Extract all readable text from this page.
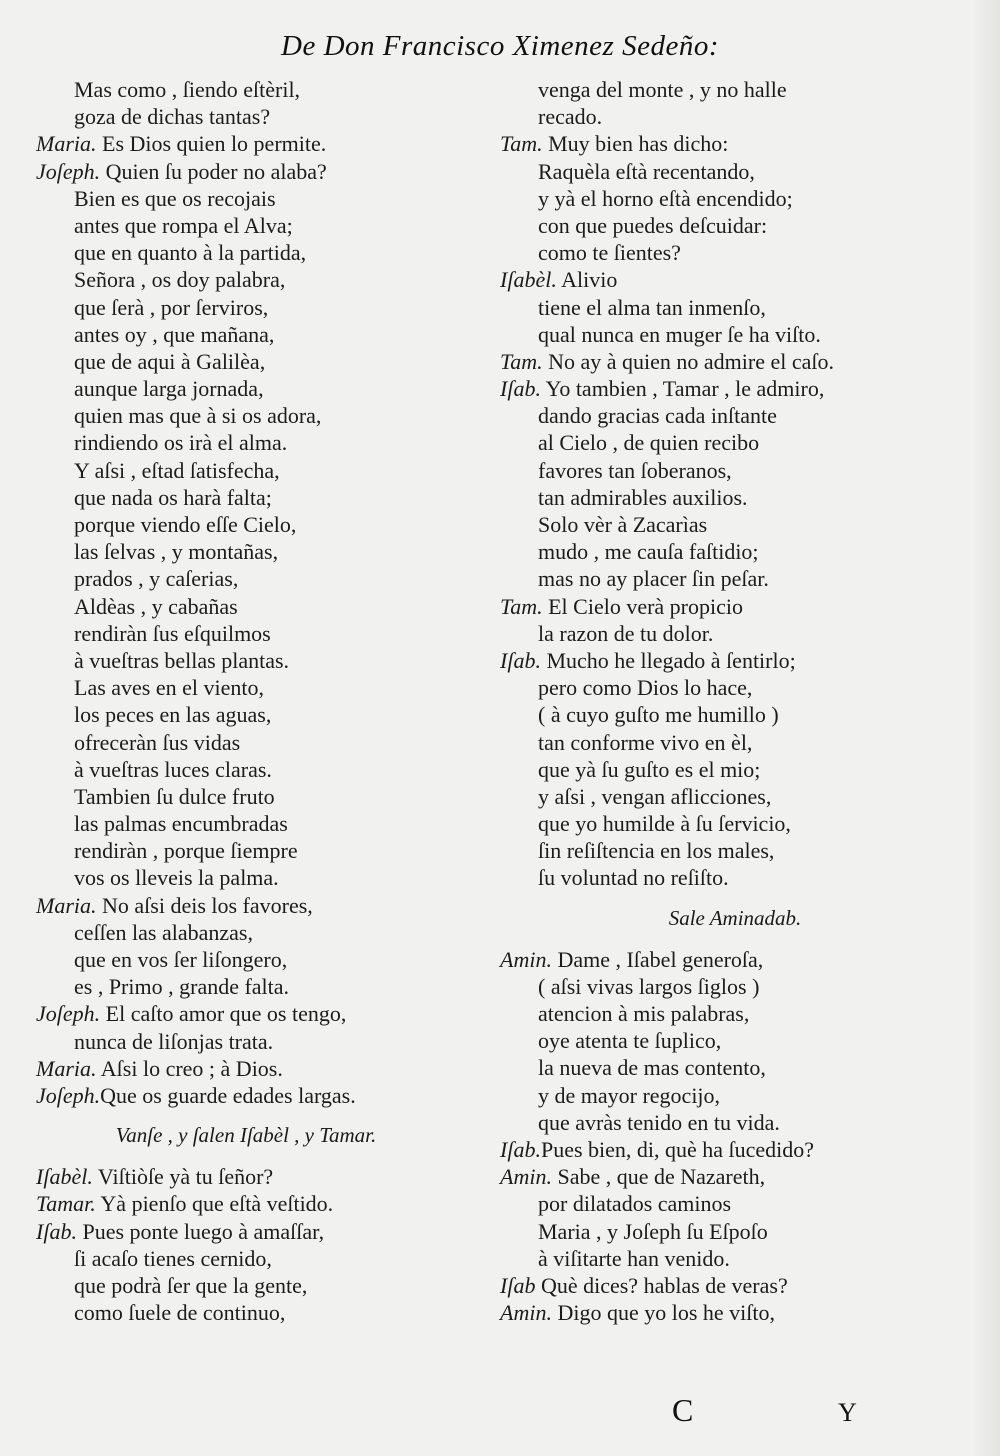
De Don Francisco Ximenez Sedeño:
Mas como , ſiendo eſtèril,
goza de dichas tantas?
Maria. Es Dios quien lo permite.
Joſeph. Quien ſu poder no alaba?
Bien es que os recojais
antes que rompa el Alva;
que en quanto à la partida,
Señora , os doy palabra,
que ſerà , por ſerviros,
antes oy , que mañana,
que de aqui à Galilèa,
aunque larga jornada,
quien mas que à si os adora,
rindiendo os irà el alma.
Y aſsi , eſtad ſatisfecha,
que nada os harà falta;
porque viendo eſſe Cielo,
las ſelvas , y montañas,
prados , y caſerias,
Aldèas , y cabañas
rendiràn ſus eſquilmos
à vueſtras bellas plantas.
Las aves en el viento,
los peces en las aguas,
ofreceràn ſus vidas
à vueſtras luces claras.
Tambien ſu dulce fruto
las palmas encumbradas
rendiràn , porque ſiempre
vos os lleveis la palma.
Maria. No aſsi deis los favores,
ceſſen las alabanzas,
que en vos ſer liſongero,
es , Primo , grande falta.
Joſeph. El caſto amor que os tengo,
nunca de liſonjas trata.
Maria. Aſsi lo creo ; à Dios.
Joſeph.Que os guarde edades largas.
Vanſe , y ſalen Iſabèl , y Tamar.
Iſabèl. Viſtiòſe yà tu ſeñor?
Tamar. Yà pienſo que eſtà veſtido.
Iſab. Pues ponte luego à amaſſar,
ſi acaſo tienes cernido,
que podrà ſer que la gente,
como ſuele de continuo,
venga del monte , y no halle
recado.
Tam. Muy bien has dicho:
Raquèla eſtà recentando,
y yà el horno eſtà encendido;
con que puedes deſcuidar:
como te ſientes?
Iſabèl. Alivio
tiene el alma tan inmenſo,
qual nunca en muger ſe ha viſto.
Tam. No ay à quien no admire el caſo.
Iſab. Yo tambien , Tamar , le admiro,
dando gracias cada inſtante
al Cielo , de quien recibo
favores tan ſoberanos,
tan admirables auxilios.
Solo vèr à Zacarìas
mudo , me cauſa faſtidio;
mas no ay placer ſin peſar.
Tam. El Cielo verà propicio
la razon de tu dolor.
Iſab. Mucho he llegado à ſentirlo;
pero como Dios lo hace,
( à cuyo guſto me humillo )
tan conforme vivo en èl,
que yà ſu guſto es el mio;
y aſsi , vengan aflicciones,
que yo humilde à ſu ſervicio,
ſin reſiſtencia en los males,
ſu voluntad no reſiſto.
Sale Aminadab.
Amin. Dame , Iſabel generoſa,
( aſsi vivas largos ſiglos )
atencion à mis palabras,
oye atenta te ſuplico,
la nueva de mas contento,
y de mayor regocijo,
que avràs tenido en tu vida.
Iſab.Pues bien, di, què ha ſucedido?
Amin. Sabe , que de Nazareth,
por dilatados caminos
Maria , y Joſeph ſu Eſpoſo
à viſitarte han venido.
Iſab Què dices? hablas de veras?
Amin. Digo que yo los he viſto,
C	Y
